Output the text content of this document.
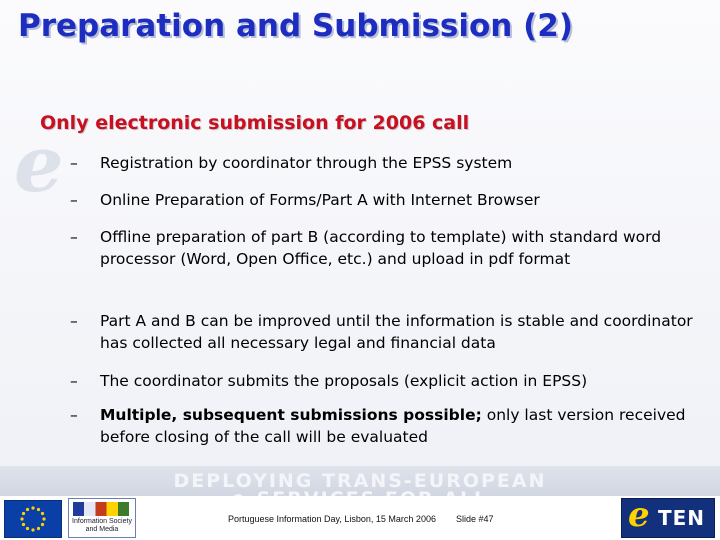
e
DEPLOYING TRANS-EUROPEAN
Preparation and Submission (2)
Only electronic submission for 2006 call
–	Registration by coordinator through the EPSS system
–	Online Preparation of Forms/Part A with Internet Browser
–	Offline preparation of part B (according to template) with standard word processor (Word, Open Office, etc.) and upload in pdf format
–	Part A and B can be improved until the information is stable and coordinator has collected all necessary legal and financial data
–	The coordinator submits the proposals (explicit action in EPSS)
–	Multiple, subsequent submissions possible; only last version received before closing of the call will be evaluated
Information Society and Media
Portuguese Information Day, Lisbon, 15 March 2006 Slide #47	e TEN
